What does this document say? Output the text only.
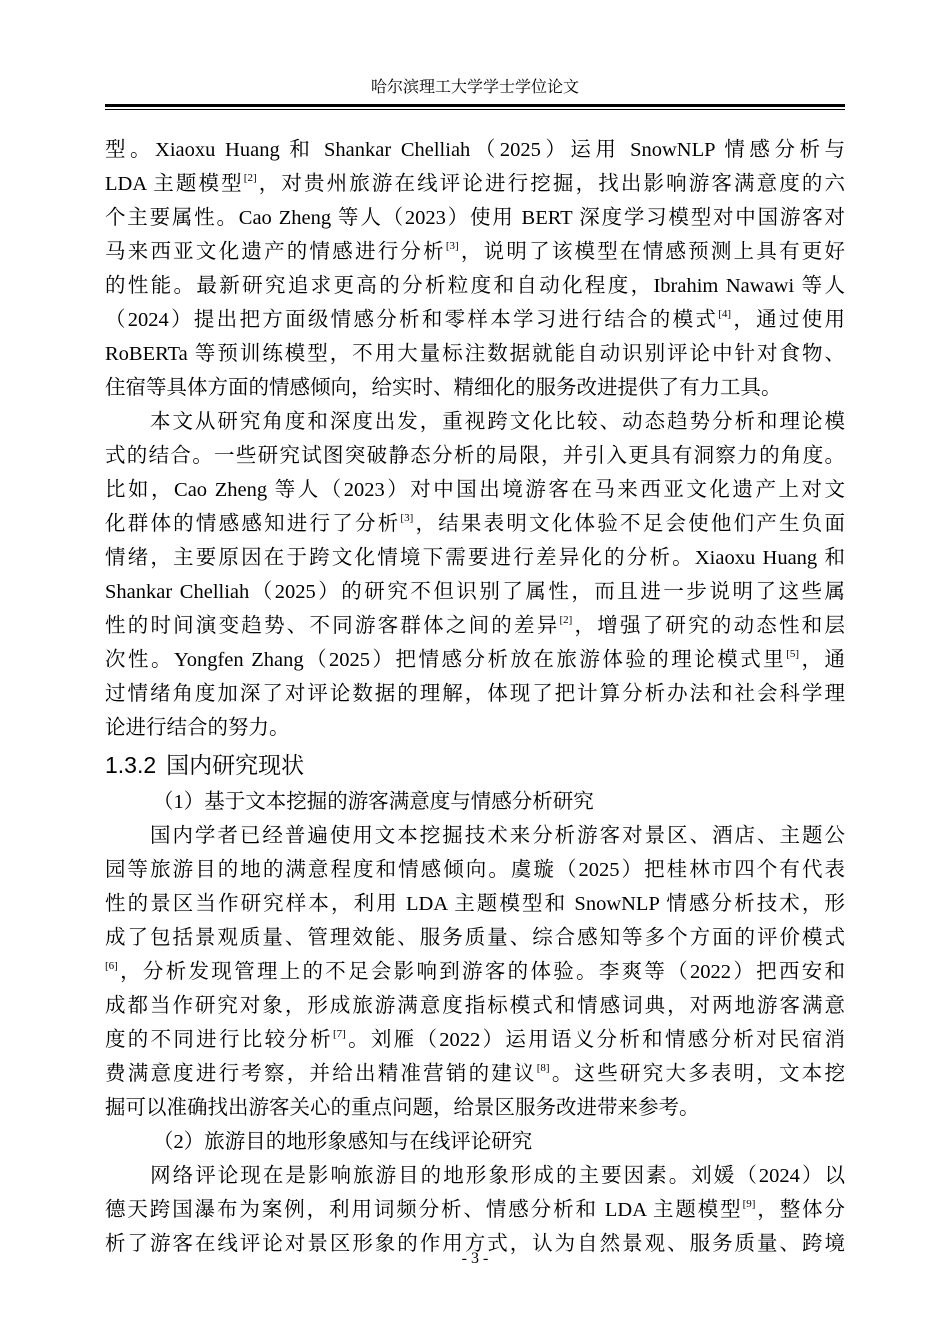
哈尔滨理工大学学士学位论文
型。Xiaoxu Huang 和 Shankar Chelliah（2025）运用 SnowNLP 情感分析与
LDA 主题模型[2]，对贵州旅游在线评论进行挖掘，找出影响游客满意度的六
个主要属性。Cao Zheng 等人（2023）使用 BERT 深度学习模型对中国游客对
马来西亚文化遗产的情感进行分析[3]，说明了该模型在情感预测上具有更好
的性能。最新研究追求更高的分析粒度和自动化程度，Ibrahim Nawawi 等人
（2024）提出把方面级情感分析和零样本学习进行结合的模式[4]，通过使用
RoBERTa 等预训练模型，不用大量标注数据就能自动识别评论中针对食物、
住宿等具体方面的情感倾向，给实时、精细化的服务改进提供了有力工具。
　　本文从研究角度和深度出发，重视跨文化比较、动态趋势分析和理论模
式的结合。一些研究试图突破静态分析的局限，并引入更具有洞察力的角度。
比如，Cao Zheng 等人（2023）对中国出境游客在马来西亚文化遗产上对文
化群体的情感感知进行了分析[3]，结果表明文化体验不足会使他们产生负面
情绪，主要原因在于跨文化情境下需要进行差异化的分析。Xiaoxu Huang 和
Shankar Chelliah（2025）的研究不但识别了属性，而且进一步说明了这些属
性的时间演变趋势、不同游客群体之间的差异[2]，增强了研究的动态性和层
次性。Yongfen Zhang（2025）把情感分析放在旅游体验的理论模式里[5]，通
过情绪角度加深了对评论数据的理解，体现了把计算分析办法和社会科学理
论进行结合的努力。
1.3.2 国内研究现状
（1）基于文本挖掘的游客满意度与情感分析研究
　　国内学者已经普遍使用文本挖掘技术来分析游客对景区、酒店、主题公
园等旅游目的地的满意程度和情感倾向。虞璇（2025）把桂林市四个有代表
性的景区当作研究样本，利用 LDA 主题模型和 SnowNLP 情感分析技术，形
成了包括景观质量、管理效能、服务质量、综合感知等多个方面的评价模式
[6]，分析发现管理上的不足会影响到游客的体验。李爽等（2022）把西安和
成都当作研究对象，形成旅游满意度指标模式和情感词典，对两地游客满意
度的不同进行比较分析[7]。刘雁（2022）运用语义分析和情感分析对民宿消
费满意度进行考察，并给出精准营销的建议[8]。这些研究大多表明，文本挖
掘可以准确找出游客关心的重点问题，给景区服务改进带来参考。
（2）旅游目的地形象感知与在线评论研究
　　网络评论现在是影响旅游目的地形象形成的主要因素。刘媛（2024）以
德天跨国瀑布为案例，利用词频分析、情感分析和 LDA 主题模型[9]，整体分
析了游客在线评论对景区形象的作用方式，认为自然景观、服务质量、跨境
- 3 -
